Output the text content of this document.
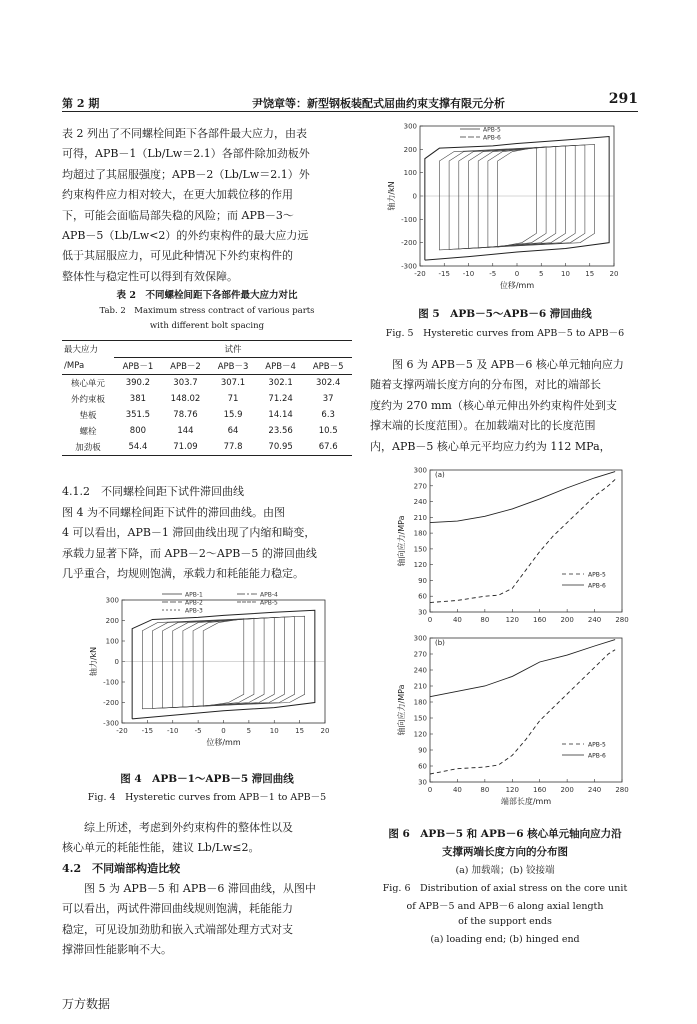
第 2 期	尹饶章等：新型钢板装配式屈曲约束支撑有限元分析	291
表 2 列出了不同螺栓间距下各部件最大应力，由表
可得，APB－1（Lb/Lw＝2.1）各部件除加劲板外
均超过了其屈服强度；APB－2（Lb/Lw＝2.1）外
约束构件应力相对较大，在更大加载位移的作用
下，可能会面临局部失稳的风险；而 APB－3～
APB－5（Lb/Lw<2）的外约束构件的最大应力远
低于其屈服应力，可见此种情况下外约束构件的
整体性与稳定性可以得到有效保障。
表 2　不同螺栓间距下各部件最大应力对比
Tab. 2　Maximum stress contract of various parts
with different bolt spacing
最大应力	试件				
/MPa	APB－1	APB－2	APB－3	APB－4	APB－5
核心单元	390.2	303.7	307.1	302.1	302.4
外约束板	381	148.02	71	71.24	37
垫板	351.5	78.76	15.9	14.14	6.3
螺栓	800	144	64	23.56	10.5
加劲板	54.4	71.09	77.8	70.95	67.6
4.1.2　不同螺栓间距下试件滞回曲线
图 4 为不同螺栓间距下试件的滞回曲线。由图
4 可以看出，APB－1 滞回曲线出现了内缩和畸变，
承载力显著下降，而 APB－2～APB－5 的滞回曲线
几乎重合，均规则饱满，承载力和耗能能力稳定。
-20 -15 -10 -5	0	5	10 15 20
300
200
100
0
-100
-200
-300
位移/mm
轴力/kN
APB-1
APB-2
APB-3
APB-4
APB-5
图 4　APB－1～APB－5 滞回曲线
Fig. 4　Hysteretic curves from APB－1 to APB－5
综上所述，考虑到外约束构件的整体性以及
核心单元的耗能性能，建议 Lb/Lw≤2。
4.2　不同端部构造比较
图 5 为 APB－5 和 APB－6 滞回曲线，从图中
可以看出，两试件滞回曲线规则饱满，耗能能力
稳定，可见设加劲肋和嵌入式端部处理方式对支
撑滞回性能影响不大。
万方数据
-20 -15 -10 -5	0	5	10 15 20
300
200
100
0
-100
-200
-300
位移/mm
轴力/kN
APB-5
APB-6
图 5　APB－5～APB－6 滞回曲线
Fig. 5　Hysteretic curves from APB－5 to APB－6
图 6 为 APB－5 及 APB－6 核心单元轴向应力
随着支撑两端长度方向的分布图，对比的端部长
度约为 270 mm（核心单元伸出外约束构件处到支
撑末端的长度范围）。在加载端对比的长度范围
内，APB－5 核心单元平均应力约为 112 MPa，
0	40	80 120 160 200 240 280
300
270
240
210
180
150
120
90
60
30
轴向应力/MPa
(a)
APB-5
APB-6
0	40	80 120 160 200 240 280
300
270
240
210
180
150
120
90
60
30
端部长度/mm
轴向应力/MPa
(b)
APB-5
APB-6
图 6　APB－5 和 APB－6 核心单元轴向应力沿
支撑两端长度方向的分布图
(a) 加载端；(b) 铰接端
Fig. 6　Distribution of axial stress on the core unit
of APB－5 and APB－6 along axial length
of the support ends
(a) loading end; (b) hinged end
